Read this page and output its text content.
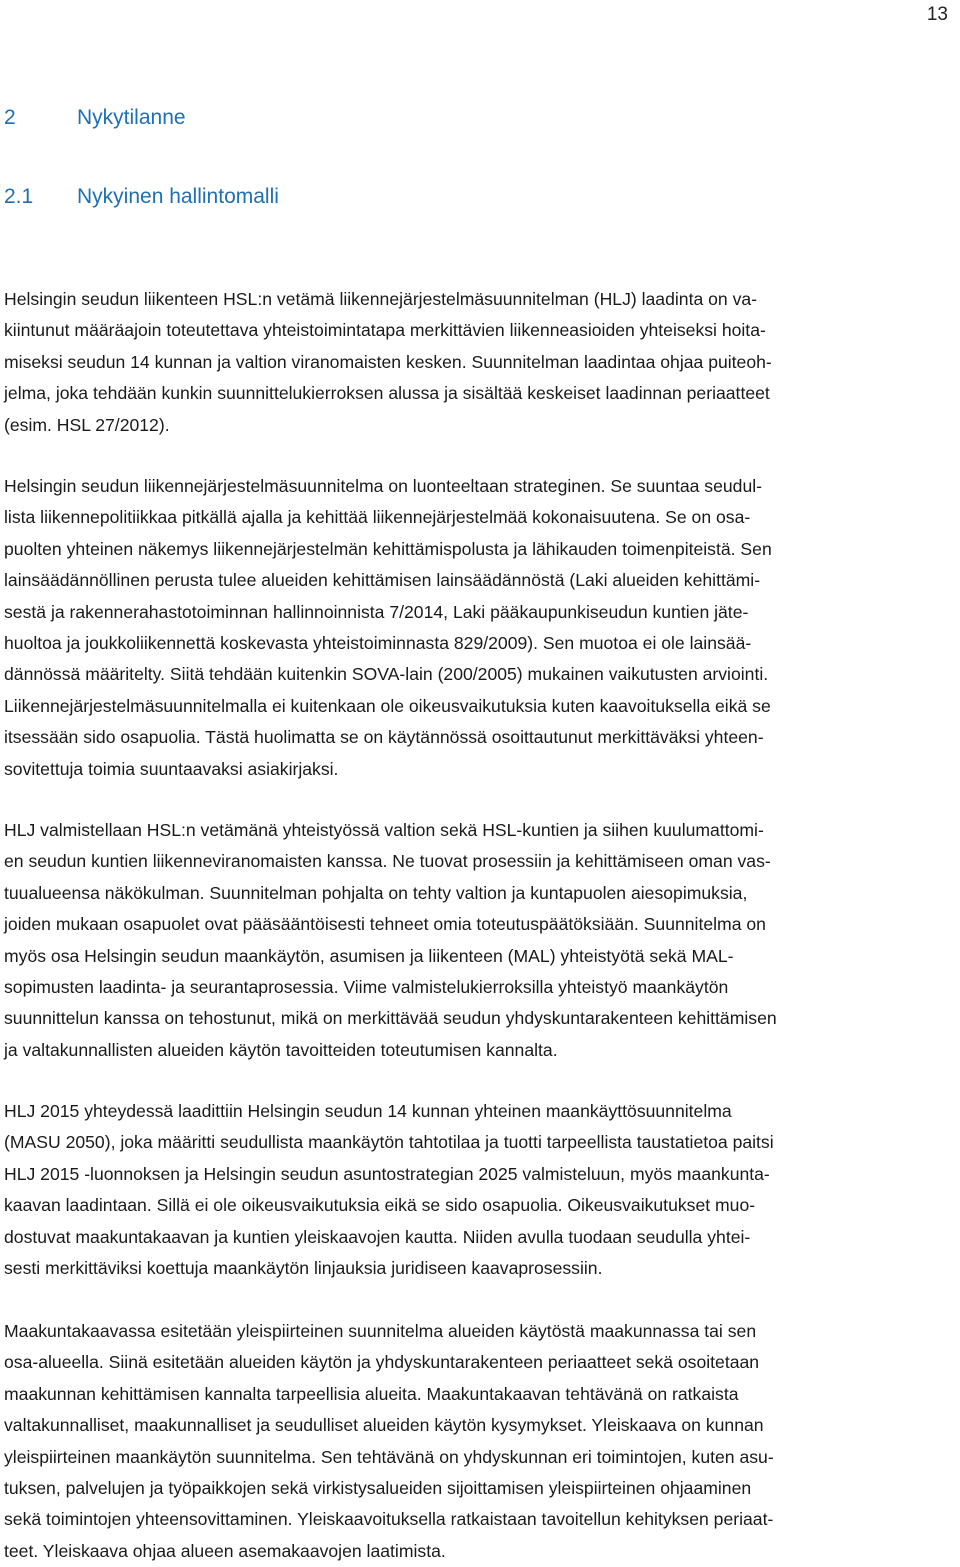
13
2	Nykytilanne
2.1	Nykyinen hallintomalli
Helsingin seudun liikenteen HSL:n vetämä liikennejärjestelmäsuunnitelman (HLJ) laadinta on va-
kiintunut määräajoin toteutettava yhteistoimintatapa merkittävien liikenneasioiden yhteiseksi hoita-
miseksi seudun 14 kunnan ja valtion viranomaisten kesken. Suunnitelman laadintaa ohjaa puiteoh-
jelma, joka tehdään kunkin suunnittelukierroksen alussa ja sisältää keskeiset laadinnan periaatteet
(esim. HSL 27/2012).
Helsingin seudun liikennejärjestelmäsuunnitelma on luonteeltaan strateginen. Se suuntaa seudul-
lista liikennepolitiikkaa pitkällä ajalla ja kehittää liikennejärjestelmää kokonaisuutena. Se on osa-
puolten yhteinen näkemys liikennejärjestelmän kehittämispolusta ja lähikauden toimenpiteistä. Sen
lainsäädännöllinen perusta tulee alueiden kehittämisen lainsäädännöstä (Laki alueiden kehittämi-
sestä ja rakennerahastotoiminnan hallinnoinnista 7/2014, Laki pääkaupunkiseudun kuntien jäte-
huoltoa ja joukkoliikennettä koskevasta yhteistoiminnasta 829/2009). Sen muotoa ei ole lainsää-
dännössä määritelty. Siitä tehdään kuitenkin SOVA-lain (200/2005) mukainen vaikutusten arviointi.
Liikennejärjestelmäsuunnitelmalla ei kuitenkaan ole oikeusvaikutuksia kuten kaavoituksella eikä se
itsessään sido osapuolia. Tästä huolimatta se on käytännössä osoittautunut merkittäväksi yhteen-
sovitettuja toimia suuntaavaksi asiakirjaksi.
HLJ valmistellaan HSL:n vetämänä yhteistyössä valtion sekä HSL-kuntien ja siihen kuulumattomi-
en seudun kuntien liikenneviranomaisten kanssa. Ne tuovat prosessiin ja kehittämiseen oman vas-
tuualueensa näkökulman. Suunnitelman pohjalta on tehty valtion ja kuntapuolen aiesopimuksia,
joiden mukaan osapuolet ovat pääsääntöisesti tehneet omia toteutuspäätöksiään. Suunnitelma on
myös osa Helsingin seudun maankäytön, asumisen ja liikenteen (MAL) yhteistyötä sekä MAL-
sopimusten laadinta- ja seurantaprosessia. Viime valmistelukierroksilla yhteistyö maankäytön
suunnittelun kanssa on tehostunut, mikä on merkittävää seudun yhdyskuntarakenteen kehittämisen
ja valtakunnallisten alueiden käytön tavoitteiden toteutumisen kannalta.
HLJ 2015 yhteydessä laadittiin Helsingin seudun 14 kunnan yhteinen maankäyttösuunnitelma
(MASU 2050), joka määritti seudullista maankäytön tahtotilaa ja tuotti tarpeellista taustatietoa paitsi
HLJ 2015 -luonnoksen ja Helsingin seudun asuntostrategian 2025 valmisteluun, myös maankunta-
kaavan laadintaan. Sillä ei ole oikeusvaikutuksia eikä se sido osapuolia. Oikeusvaikutukset muo-
dostuvat maakuntakaavan ja kuntien yleiskaavojen kautta. Niiden avulla tuodaan seudulla yhtei-
sesti merkittäviksi koettuja maankäytön linjauksia juridiseen kaavaprosessiin.
Maakuntakaavassa esitetään yleispiirteinen suunnitelma alueiden käytöstä maakunnassa tai sen
osa-alueella. Siinä esitetään alueiden käytön ja yhdyskuntarakenteen periaatteet sekä osoitetaan
maakunnan kehittämisen kannalta tarpeellisia alueita. Maakuntakaavan tehtävänä on ratkaista
valtakunnalliset, maakunnalliset ja seudulliset alueiden käytön kysymykset. Yleiskaava on kunnan
yleispiirteinen maankäytön suunnitelma. Sen tehtävänä on yhdyskunnan eri toimintojen, kuten asu-
tuksen, palvelujen ja työpaikkojen sekä virkistysalueiden sijoittamisen yleispiirteinen ohjaaminen
sekä toimintojen yhteensovittaminen. Yleiskaavoituksella ratkaistaan tavoitellun kehityksen periaat-
teet. Yleiskaava ohjaa alueen asemakaavojen laatimista.
